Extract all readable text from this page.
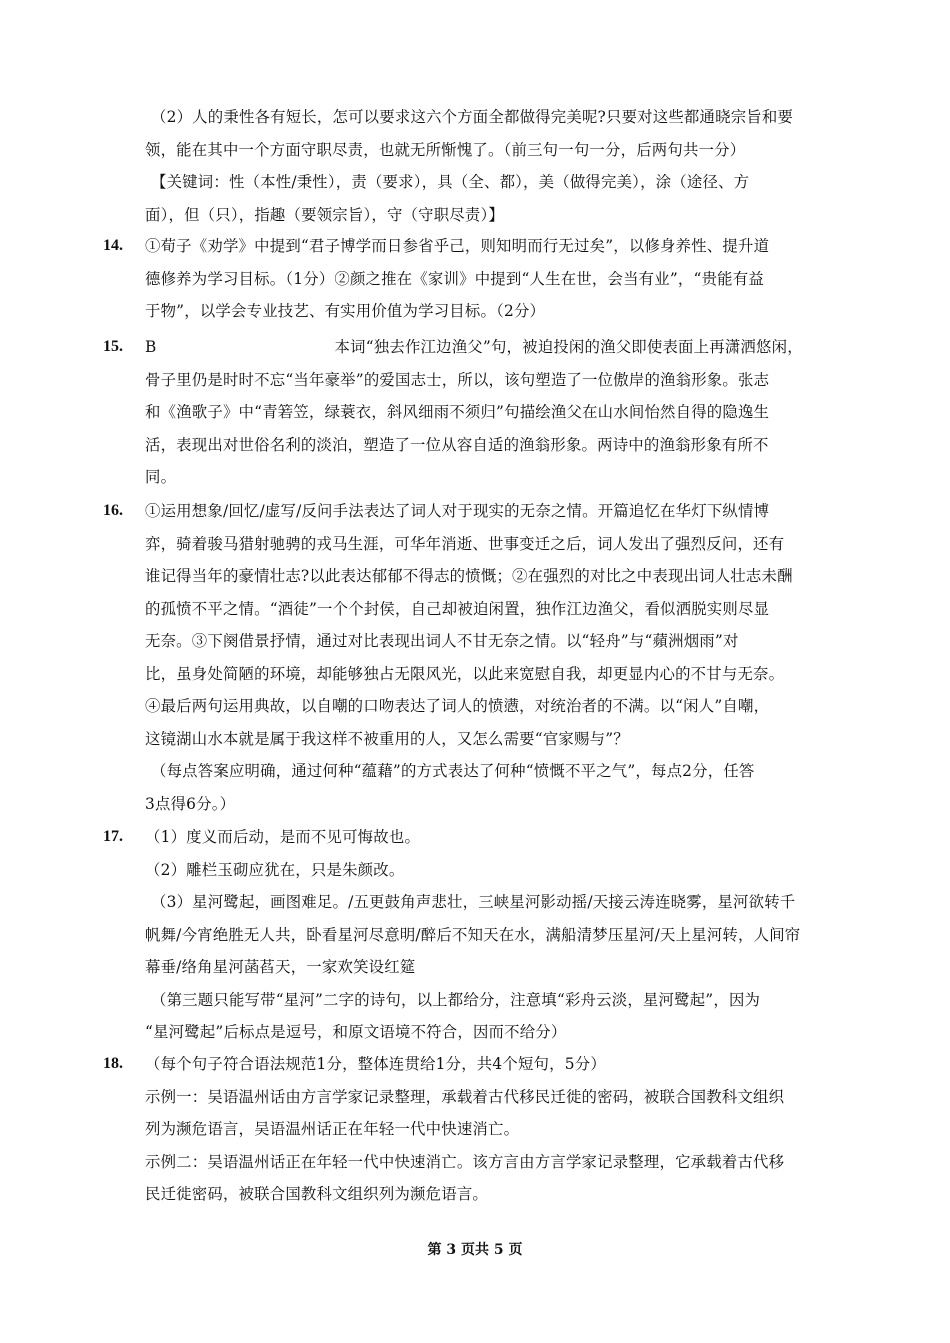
（2）人的秉性各有短长，怎可以要求这六个方面全都做得完美呢?只要对这些都通晓宗旨和要
领，能在其中一个方面守职尽责，也就无所惭愧了。（前三句一句一分，后两句共一分）
【关键词：性（本性/秉性），责（要求），具（全、都），美（做得完美），涂（途径、方
面），但（只），指趣（要领宗旨），守（守职尽责）】
14. ①荀子《劝学》中提到“君子博学而日参省乎己，则知明而行无过矣”，以修身养性、提升道
德修养为学习目标。（1分）②颜之推在《家训》中提到“人生在世，会当有业”，“贵能有益
于物”，以学会专业技艺、有实用价值为学习目标。（2分）
15. B	本词“独去作江边渔父”句，被迫投闲的渔父即使表面上再潇洒悠闲，
骨子里仍是时时不忘“当年豪举”的爱国志士，所以，该句塑造了一位傲岸的渔翁形象。张志
和《渔歌子》中“青箬笠，绿蓑衣，斜风细雨不须归”句描绘渔父在山水间怡然自得的隐逸生
活，表现出对世俗名利的淡泊，塑造了一位从容自适的渔翁形象。两诗中的渔翁形象有所不
同。
16. ①运用想象/回忆/虚写/反问手法表达了词人对于现实的无奈之情。开篇追忆在华灯下纵情博
弈，骑着骏马猎射驰骋的戎马生涯，可华年消逝、世事变迁之后，词人发出了强烈反问，还有
谁记得当年的豪情壮志?以此表达郁郁不得志的愤慨；②在强烈的对比之中表现出词人壮志未酬
的孤愤不平之情。“酒徒”一个个封侯，自己却被迫闲置，独作江边渔父，看似洒脱实则尽显
无奈。③下阕借景抒情，通过对比表现出词人不甘无奈之情。以“轻舟”与“蘋洲烟雨”对
比，虽身处简陋的环境，却能够独占无限风光，以此来宽慰自我，却更显内心的不甘与无奈。
④最后两句运用典故，以自嘲的口吻表达了词人的愤懑，对统治者的不满。以“闲人”自嘲，
这镜湖山水本就是属于我这样不被重用的人，又怎么需要“官家赐与”？
（每点答案应明确，通过何种“蕴藉”的方式表达了何种“愤慨不平之气”，每点2分，任答
3点得6分。）
17. （1）度义而后动，是而不见可悔故也。
（2）雕栏玉砌应犹在，只是朱颜改。
（3）星河鹭起，画图难足。/五更鼓角声悲壮，三峡星河影动摇/天接云涛连晓雾，星河欲转千
帆舞/今宵绝胜无人共，卧看星河尽意明/醉后不知天在水，满船清梦压星河/天上星河转，人间帘
幕垂/络角星河菡萏天，一家欢笑设红筵
（第三题只能写带“星河”二字的诗句，以上都给分，注意填“彩舟云淡，星河鹭起”，因为
“星河鹭起”后标点是逗号，和原文语境不符合，因而不给分）
18. （每个句子符合语法规范1分，整体连贯给1分，共4个短句，5分）
示例一：吴语温州话由方言学家记录整理，承载着古代移民迁徙的密码，被联合国教科文组织
列为濒危语言，吴语温州话正在年轻一代中快速消亡。
示例二：吴语温州话正在年轻一代中快速消亡。该方言由方言学家记录整理，它承载着古代移
民迁徙密码，被联合国教科文组织列为濒危语言。
第 3 页共 5 页
